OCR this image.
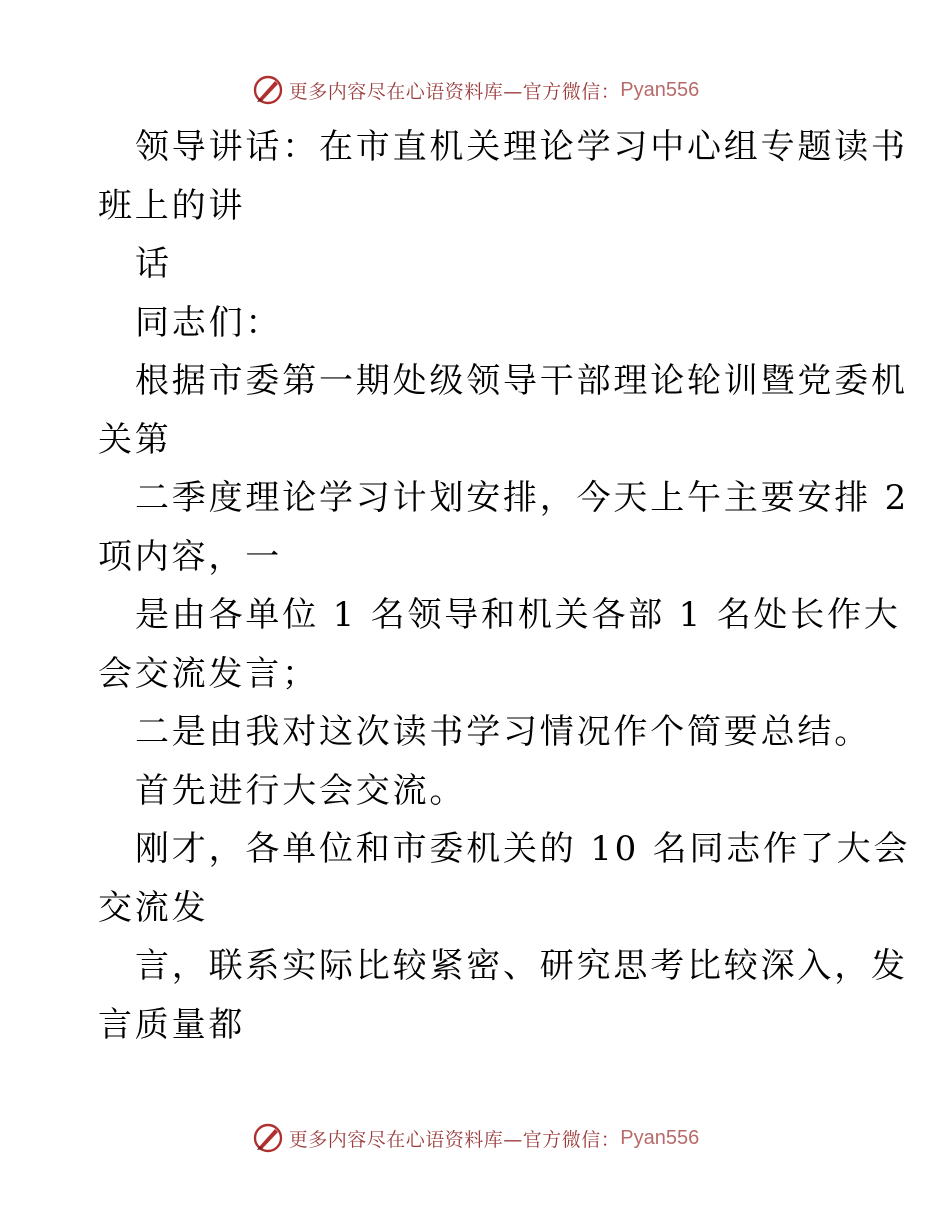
更多内容尽在心语资料库— 官方微信： Pyan556
领导讲话：在市直机关理论学习中心组专题读书
班上的讲
话
同志们：
根据市委第一期处级领导干部理论轮训暨党委机
关第
二季度理论学习计划安排，今天上午主要安排 2
项内容，一
是由各单位 1 名领导和机关各部 1 名处长作大
会交流发言；
二是由我对这次读书学习情况作个简要总结。
首先进行大会交流。
刚才，各单位和市委机关的 10 名同志作了大会
交流发
言，联系实际比较紧密、研究思考比较深入，发
言质量都
更多内容尽在心语资料库— 官方微信： Pyan556
